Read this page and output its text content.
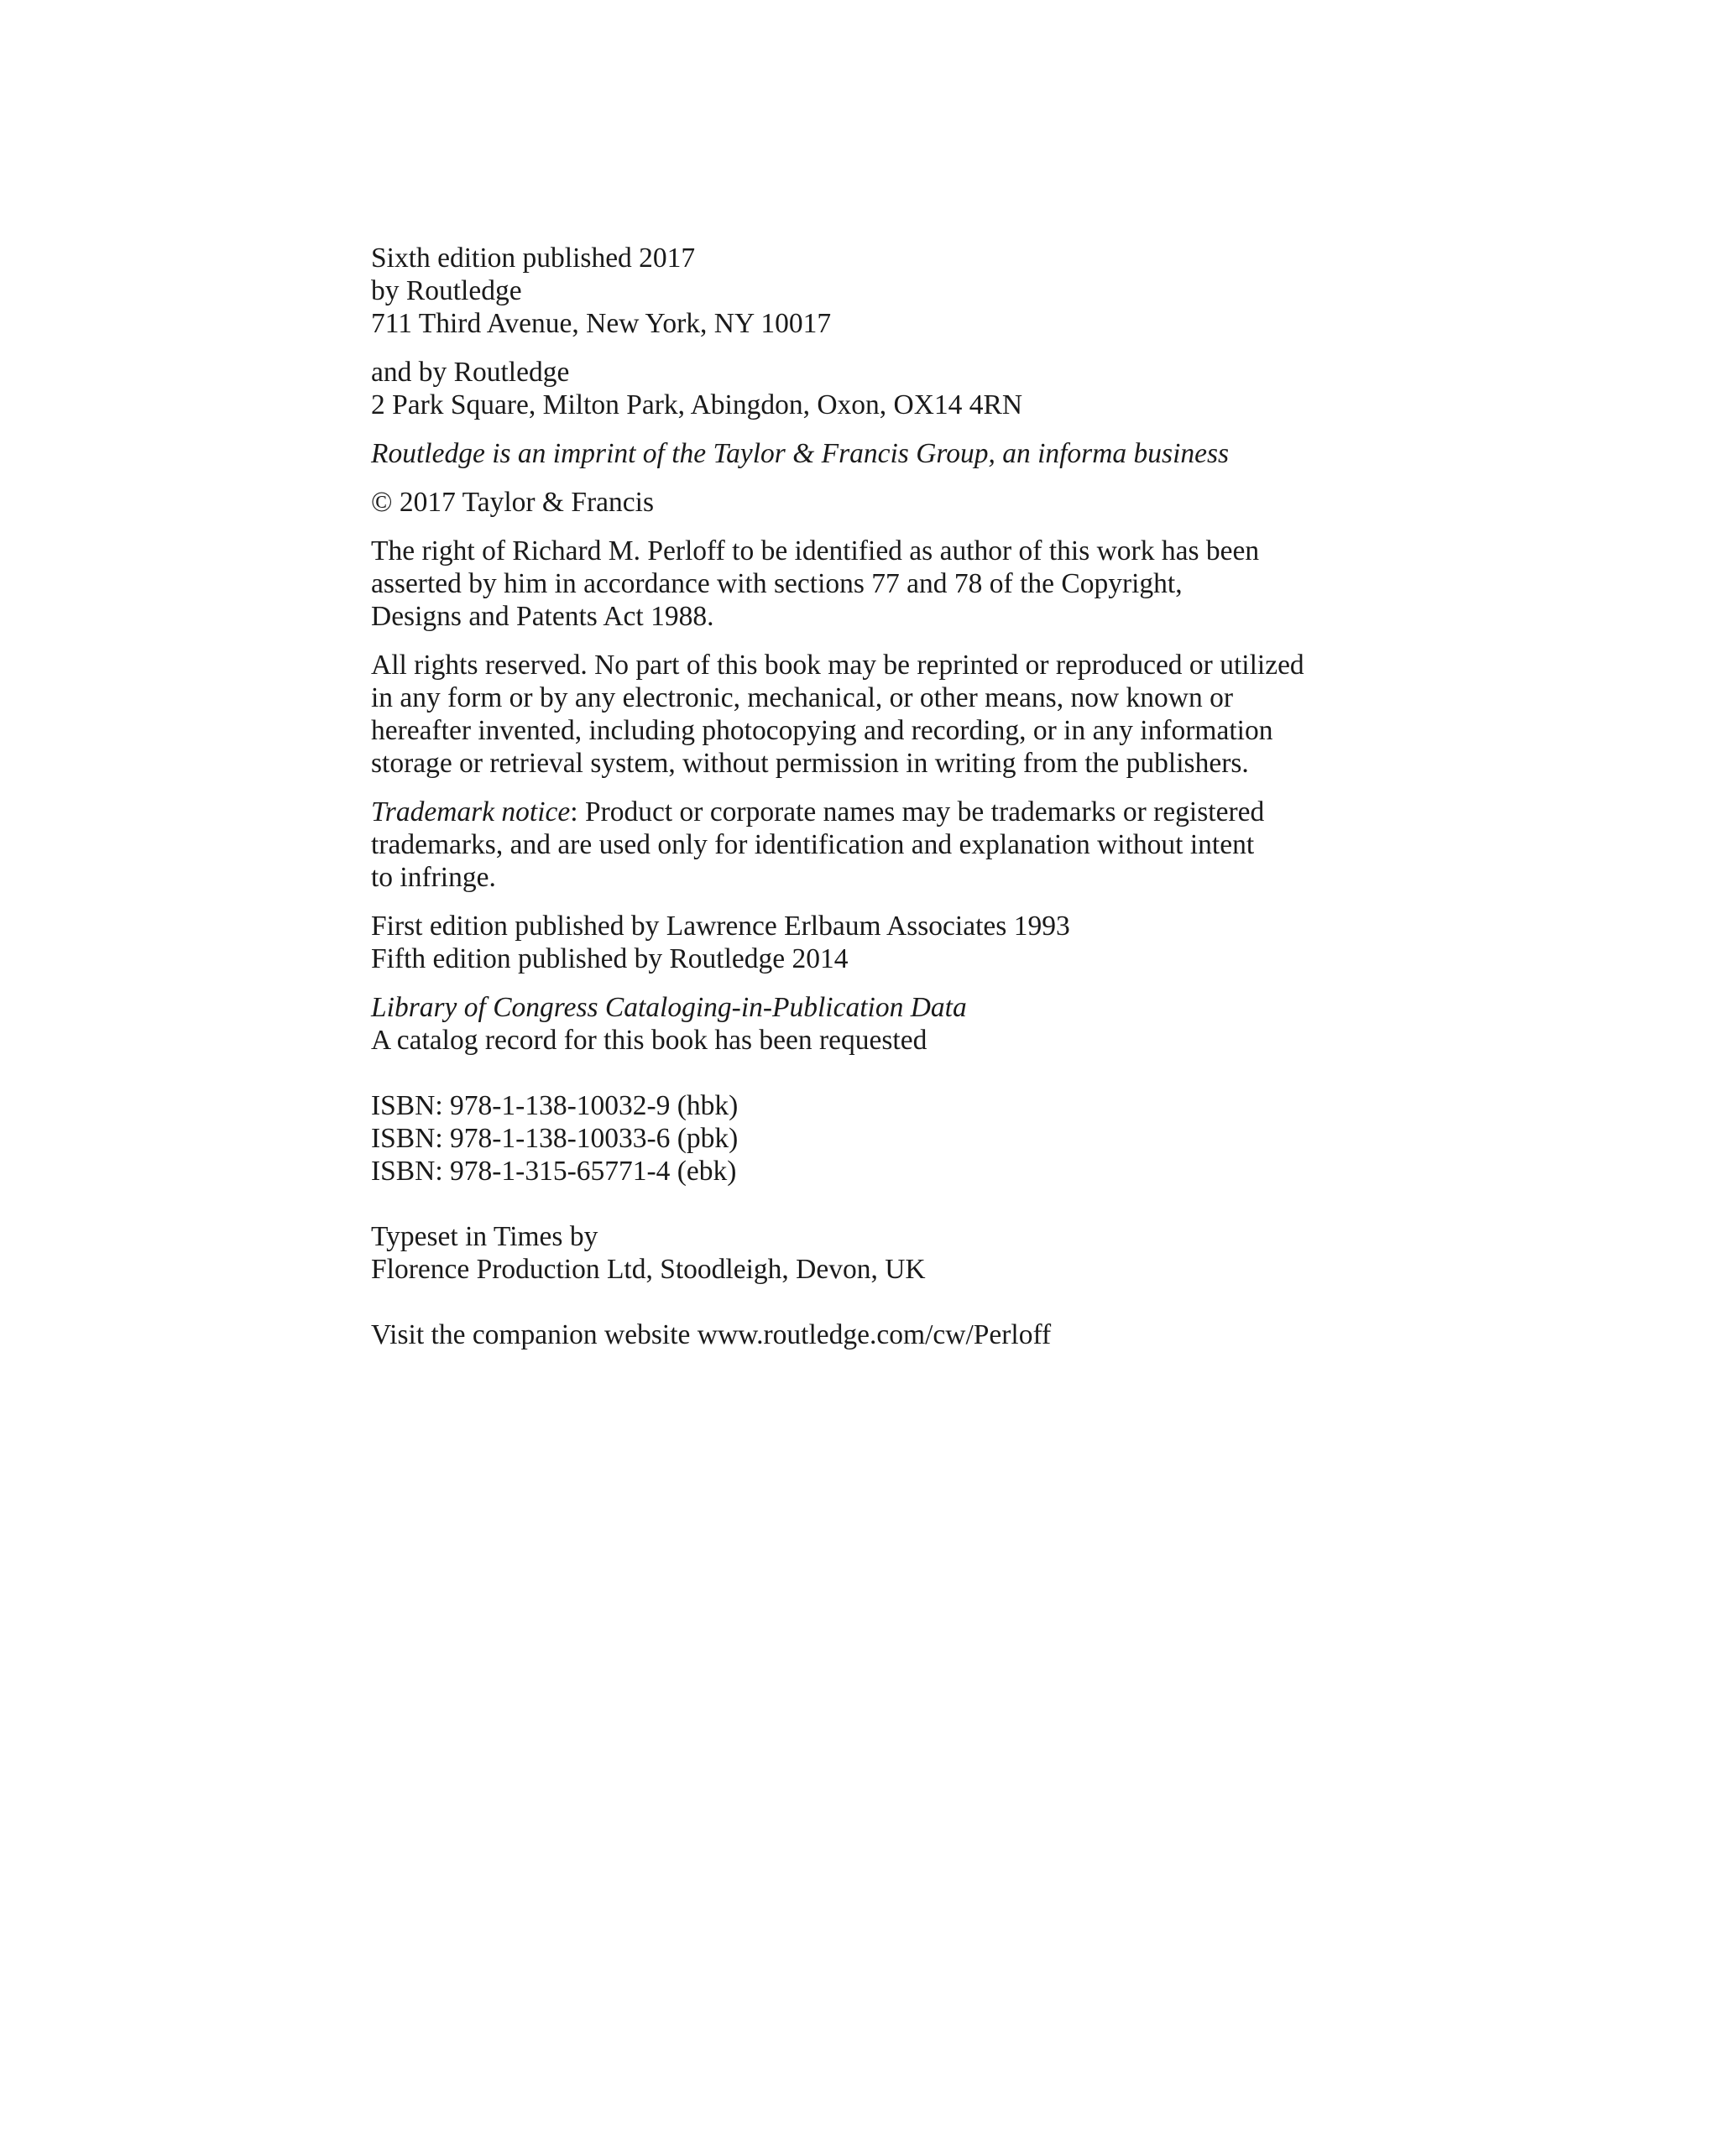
Sixth edition published 2017
by Routledge
711 Third Avenue, New York, NY 10017
and by Routledge
2 Park Square, Milton Park, Abingdon, Oxon, OX14 4RN
Routledge is an imprint of the Taylor & Francis Group, an informa business
© 2017 Taylor & Francis
The right of Richard M. Perloff to be identified as author of this work has been
asserted by him in accordance with sections 77 and 78 of the Copyright,
Designs and Patents Act 1988.
All rights reserved. No part of this book may be reprinted or reproduced or utilized
in any form or by any electronic, mechanical, or other means, now known or
hereafter invented, including photocopying and recording, or in any information
storage or retrieval system, without permission in writing from the publishers.
Trademark notice: Product or corporate names may be trademarks or registered
trademarks, and are used only for identification and explanation without intent
to infringe.
First edition published by Lawrence Erlbaum Associates 1993
Fifth edition published by Routledge 2014
Library of Congress Cataloging-in-Publication Data
A catalog record for this book has been requested
ISBN: 978-1-138-10032-9 (hbk)
ISBN: 978-1-138-10033-6 (pbk)
ISBN: 978-1-315-65771-4 (ebk)
Typeset in Times by
Florence Production Ltd, Stoodleigh, Devon, UK
Visit the companion website www.routledge.com/cw/Perloff
